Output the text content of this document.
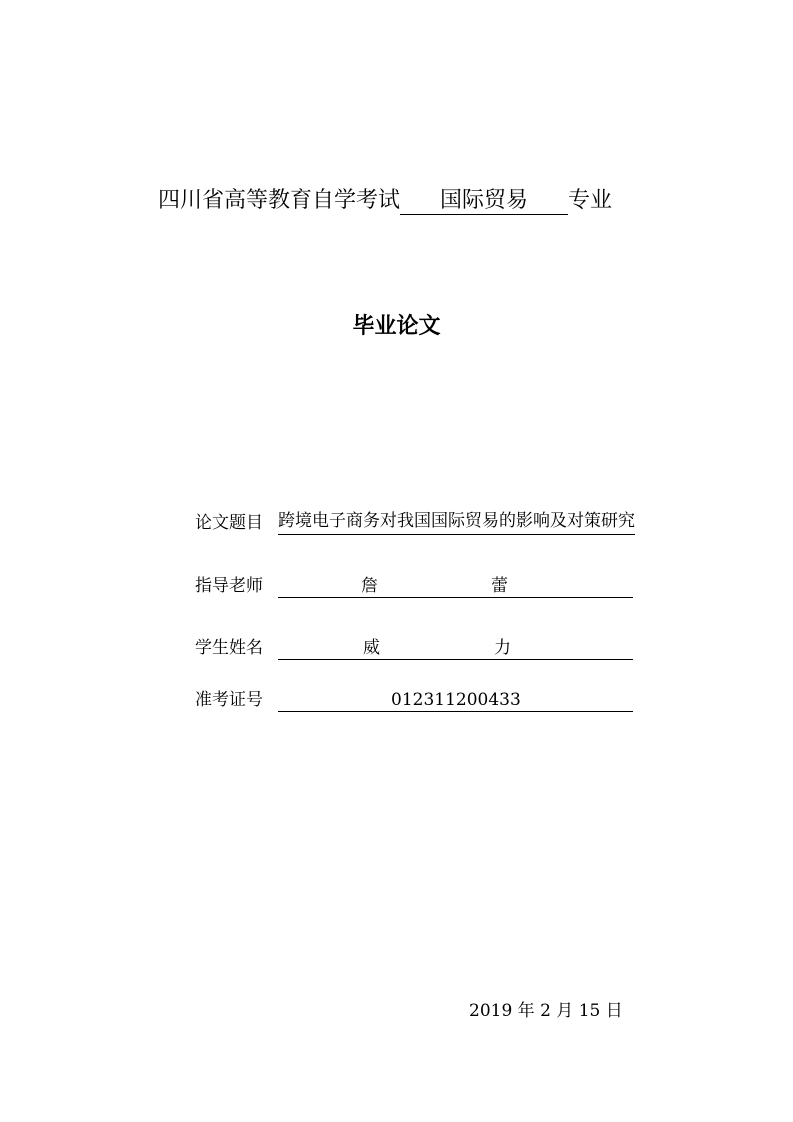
四川省高等教育自学考试 国际贸易 专业
毕业论文
论文题目 跨境电子商务对我国国际贸易的影响及对策研究
指导老师	詹	蕾
学生姓名	威	力
准考证号	012311200433
2019 年 2 月 15 日
